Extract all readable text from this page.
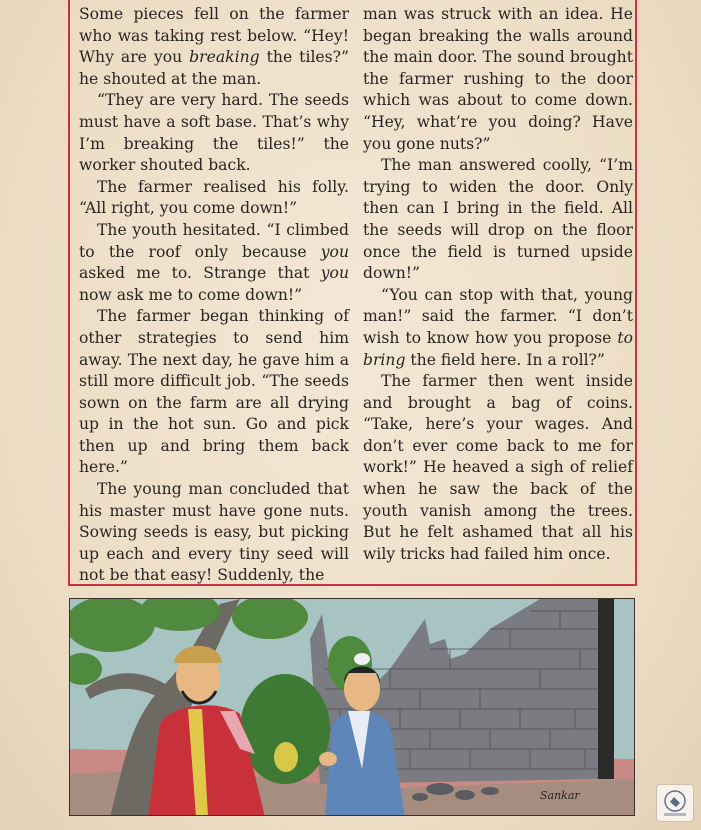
Some pieces fell on the farmer who was taking rest below. “Hey! Why are you breaking the tiles?” he shouted at the man.

“They are very hard. The seeds must have a soft base. That’s why I’m breaking the tiles!” the worker shouted back.

The farmer realised his folly. “All right, you come down!”

The youth hesitated. “I climbed to the roof only because you asked me to. Strange that you now ask me to come down!”

The farmer began thinking of other strategies to send him away. The next day, he gave him a still more difficult job. “The seeds sown on the farm are all drying up in the hot sun. Go and pick then up and bring them back here.”

The young man concluded that his master must have gone nuts. Sowing seeds is easy, but picking up each and every tiny seed will not be that easy! Suddenly, the

man was struck with an idea. He began breaking the walls around the main door. The sound brought the farmer rushing to the door which was about to come down. “Hey, what’re you doing? Have you gone nuts?”

The man answered coolly, “I’m trying to widen the door. Only then can I bring in the field. All the seeds will drop on the floor once the field is turned upside down!”

“You can stop with that, young man!” said the farmer. “I don’t wish to know how you propose to bring the field here. In a roll?”

The farmer then went inside and brought a bag of coins. “Take, here’s your wages. And don’t ever come back to me for work!” He heaved a sigh of relief when he saw the back of the youth vanish among the trees. But he felt ashamed that all his wily tricks had failed him once.

Sankar
